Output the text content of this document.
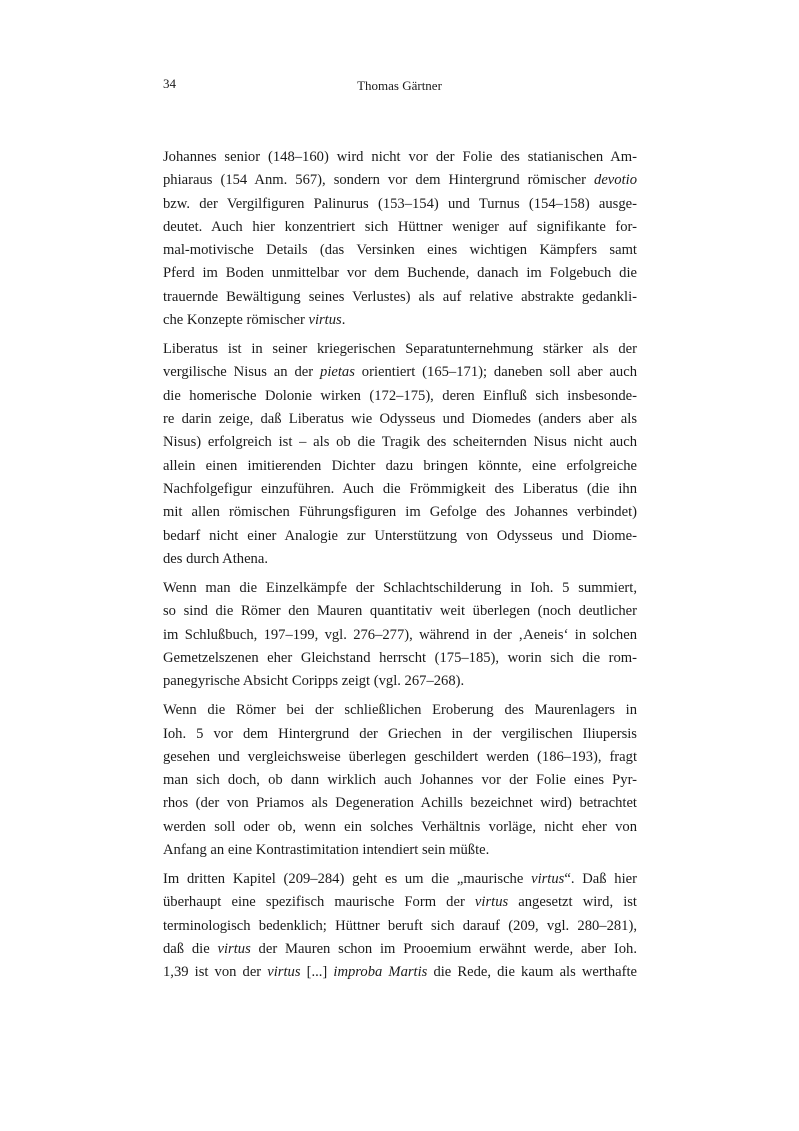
34	Thomas Gärtner
Johannes senior (148–160) wird nicht vor der Folie des statianischen Am-
phiaraus (154 Anm. 567), sondern vor dem Hintergrund römischer devotio
bzw. der Vergilfiguren Palinurus (153–154) und Turnus (154–158) ausge-
deutet. Auch hier konzentriert sich Hüttner weniger auf signifikante for-
mal-motivische Details (das Versinken eines wichtigen Kämpfers samt
Pferd im Boden unmittelbar vor dem Buchende, danach im Folgebuch die
trauernde Bewältigung seines Verlustes) als auf relative abstrakte gedankli-
che Konzepte römischer virtus.
Liberatus ist in seiner kriegerischen Separatunternehmung stärker als der
vergilische Nisus an der pietas orientiert (165–171); daneben soll aber auch
die homerische Dolonie wirken (172–175), deren Einfluß sich insbesonde-
re darin zeige, daß Liberatus wie Odysseus und Diomedes (anders aber als
Nisus) erfolgreich ist – als ob die Tragik des scheiternden Nisus nicht auch
allein einen imitierenden Dichter dazu bringen könnte, eine erfolgreiche
Nachfolgefigur einzuführen. Auch die Frömmigkeit des Liberatus (die ihn
mit allen römischen Führungsfiguren im Gefolge des Johannes verbindet)
bedarf nicht einer Analogie zur Unterstützung von Odysseus und Diome-
des durch Athena.
Wenn man die Einzelkämpfe der Schlachtschilderung in Ioh. 5 summiert,
so sind die Römer den Mauren quantitativ weit überlegen (noch deutlicher
im Schlußbuch, 197–199, vgl. 276–277), während in der ‚Aeneis‘ in solchen
Gemetzelszenen eher Gleichstand herrscht (175–185), worin sich die rom-
panegyrische Absicht Coripps zeigt (vgl. 267–268).
Wenn die Römer bei der schließlichen Eroberung des Maurenlagers in
Ioh. 5 vor dem Hintergrund der Griechen in der vergilischen Iliupersis
gesehen und vergleichsweise überlegen geschildert werden (186–193), fragt
man sich doch, ob dann wirklich auch Johannes vor der Folie eines Pyr-
rhos (der von Priamos als Degeneration Achills bezeichnet wird) betrachtet
werden soll oder ob, wenn ein solches Verhältnis vorläge, nicht eher von
Anfang an eine Kontrastimitation intendiert sein müßte.
Im dritten Kapitel (209–284) geht es um die „maurische virtus“. Daß hier
überhaupt eine spezifisch maurische Form der virtus angesetzt wird, ist
terminologisch bedenklich; Hüttner beruft sich darauf (209, vgl. 280–281),
daß die virtus der Mauren schon im Prooemium erwähnt werde, aber Ioh.
1,39 ist von der virtus [...] improba Martis die Rede, die kaum als werthafte
